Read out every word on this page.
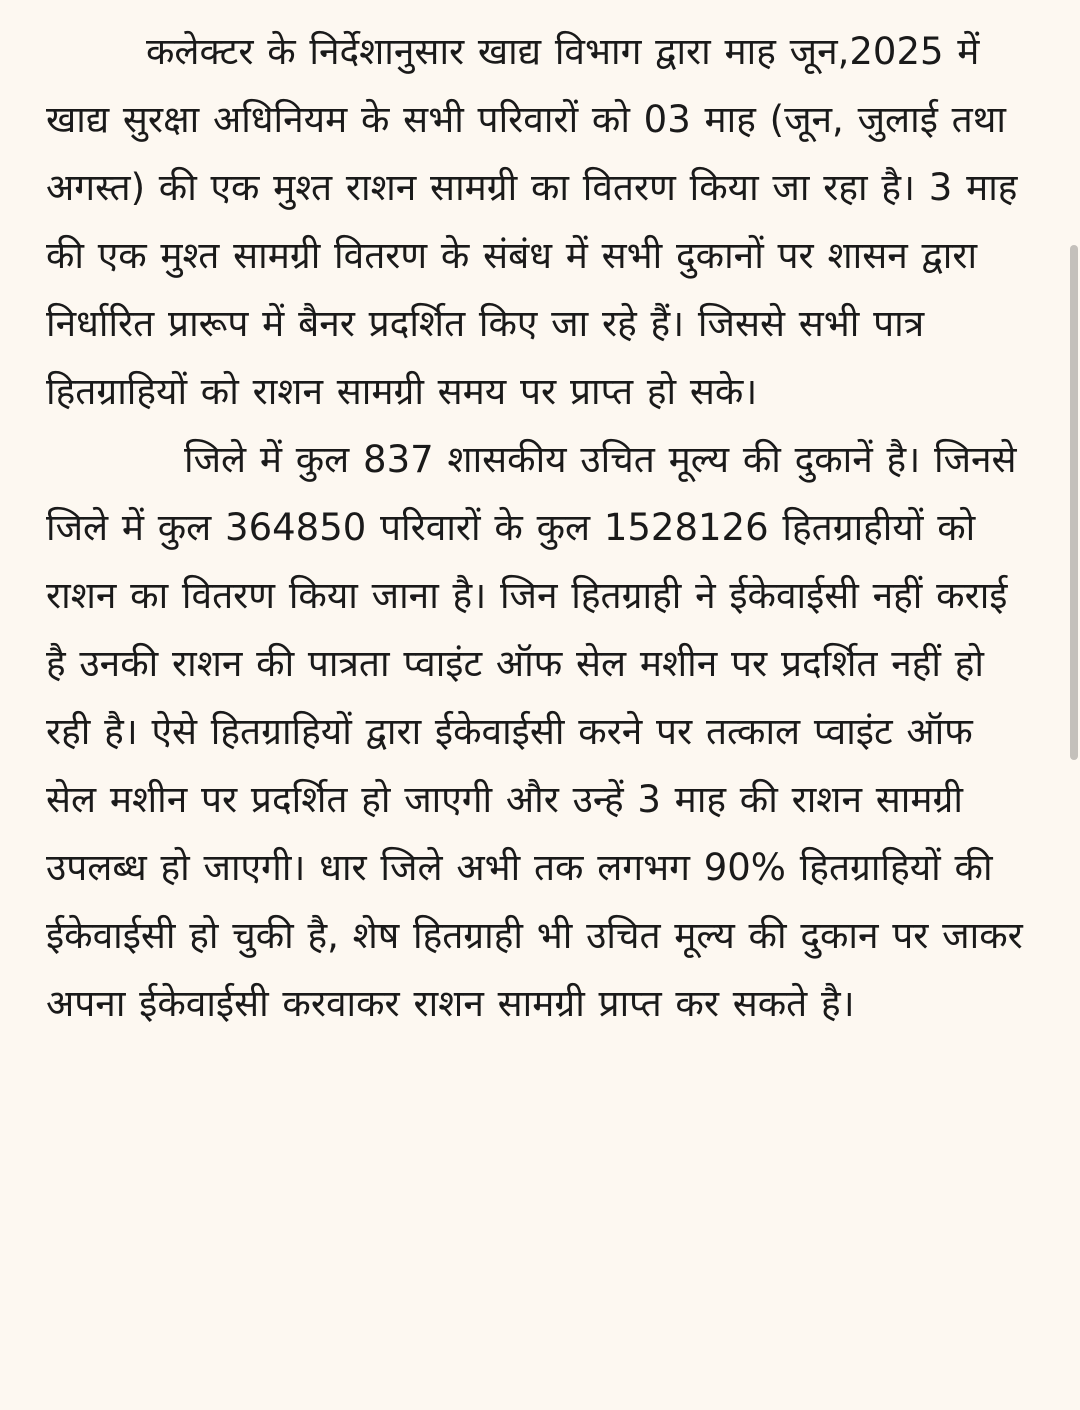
कलेक्टर के निर्देशानुसार खाद्य विभाग द्वारा माह जून,2025 में खाद्य सुरक्षा अधिनियम के सभी परिवारों को 03 माह (जून, जुलाई तथा अगस्त) की एक मुश्त राशन सामग्री का वितरण किया जा रहा है। 3 माह की एक मुश्त सामग्री वितरण के संबंध में सभी दुकानों पर शासन द्वारा निर्धारित प्रारूप में बैनर प्रदर्शित किए जा रहे हैं। जिससे सभी पात्र हितग्राहियों को राशन सामग्री समय पर प्राप्त हो सके।

जिले में कुल 837 शासकीय उचित मूल्य की दुकानें है। जिनसे जिले में कुल 364850 परिवारों के कुल 1528126 हितग्राहीयों को राशन का वितरण किया जाना है। जिन हितग्राही ने ईकेवाईसी नहीं कराई है उनकी राशन की पात्रता प्वाइंट ऑफ सेल मशीन पर प्रदर्शित नहीं हो रही है। ऐसे हितग्राहियों द्वारा ईकेवाईसी करने पर तत्काल प्वाइंट ऑफ सेल मशीन पर प्रदर्शित हो जाएगी और उन्हें 3 माह की राशन सामग्री उपलब्ध हो जाएगी। धार जिले अभी तक लगभग 90% हितग्राहियों की ईकेवाईसी हो चुकी है, शेष हितग्राही भी उचित मूल्य की दुकान पर जाकर अपना ईकेवाईसी करवाकर राशन सामग्री प्राप्त कर सकते है।
